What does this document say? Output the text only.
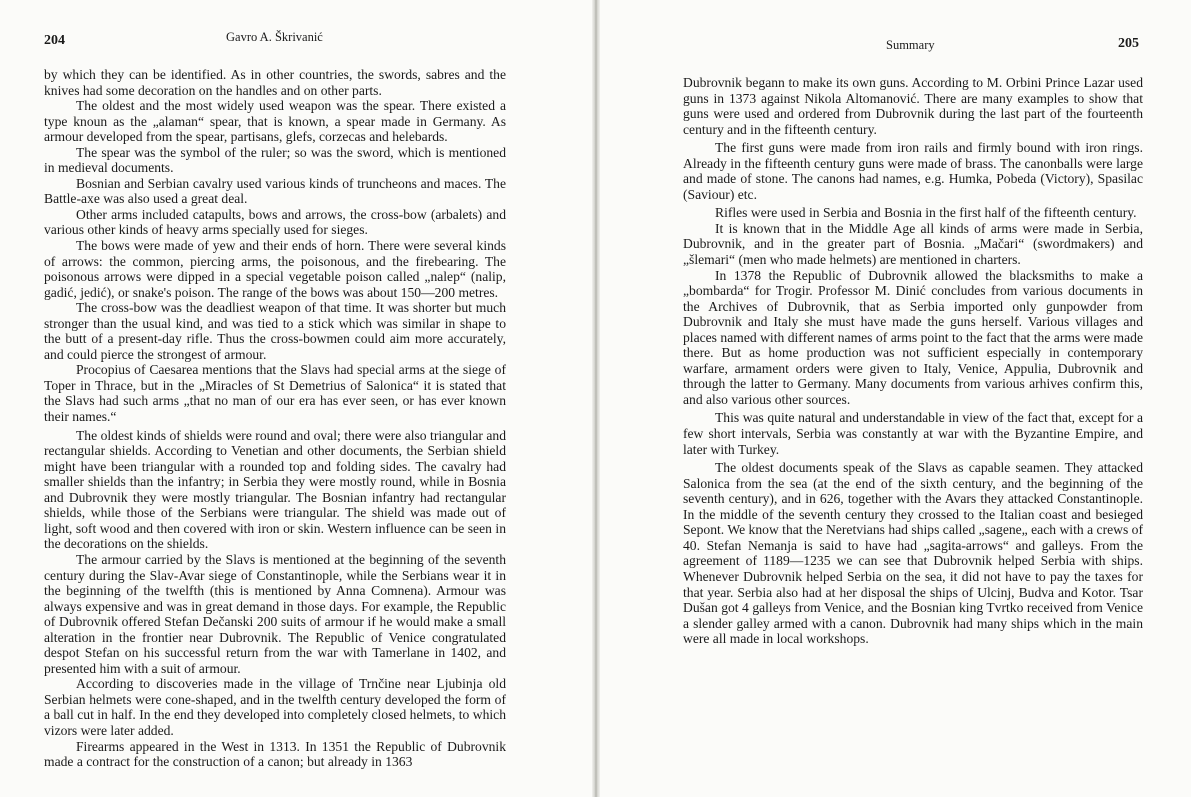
204	Gavro A. Škrivanić

by which they can be identified. As in other countries, the swords, sabres and the knives had some decoration on the handles and on other parts.

The oldest and the most widely used weapon was the spear. There existed a type knoun as the „alaman“ spear, that is known, a spear made in Germany. As armour developed from the spear, partisans, glefs, corzecas and helebards.

The spear was the symbol of the ruler; so was the sword, which is mentioned in medieval documents.

Bosnian and Serbian cavalry used various kinds of truncheons and maces. The Battle-axe was also used a great deal.

Other arms included catapults, bows and arrows, the cross-bow (arbalets) and various other kinds of heavy arms specially used for sieges.

The bows were made of yew and their ends of horn. There were several kinds of arrows: the common, piercing arms, the poisonous, and the firebearing. The poisonous arrows were dipped in a special vegetable poison called „nalep“ (nalip, gadić, jedić), or snake's poison. The range of the bows was about 150—200 metres.

The cross-bow was the deadliest weapon of that time. It was shorter but much stronger than the usual kind, and was tied to a stick which was similar in shape to the butt of a present-day rifle. Thus the cross-bowmen could aim more accurately, and could pierce the strongest of armour.

Procopius of Caesarea mentions that the Slavs had special arms at the siege of Toper in Thrace, but in the „Miracles of St Demetrius of Salonica“ it is stated that the Slavs had such arms „that no man of our era has ever seen, or has ever known their names.“

The oldest kinds of shields were round and oval; there were also triangular and rectangular shields. According to Venetian and other documents, the Serbian shield might have been triangular with a rounded top and folding sides. The cavalry had smaller shields than the infantry; in Serbia they were mostly round, while in Bosnia and Dubrovnik they were mostly triangular. The Bosnian infantry had rectangular shields, while those of the Serbians were triangular. The shield was made out of light, soft wood and then covered with iron or skin. Western influence can be seen in the decorations on the shields.

The armour carried by the Slavs is mentioned at the beginning of the seventh century during the Slav-Avar siege of Constantinople, while the Serbians wear it in the beginning of the twelfth (this is mentioned by Anna Comnena). Armour was always expensive and was in great demand in those days. For example, the Republic of Dubrovnik offered Stefan Dečanski 200 suits of armour if he would make a small alteration in the frontier near Dubrovnik. The Republic of Venice congratulated despot Stefan on his successful return from the war with Tamerlane in 1402, and presented him with a suit of armour.

According to discoveries made in the village of Trnčine near Ljubinja old Serbian helmets were cone-shaped, and in the twelfth century developed the form of a ball cut in half. In the end they developed into completely closed helmets, to which vizors were later added.

Firearms appeared in the West in 1313. In 1351 the Republic of Dubrovnik made a contract for the construction of a canon; but already in 1363

Summary	205

Dubrovnik begann to make its own guns. According to M. Orbini Prince Lazar used guns in 1373 against Nikola Altomanović. There are many examples to show that guns were used and ordered from Dubrovnik during the last part of the fourteenth century and in the fifteenth century.

The first guns were made from iron rails and firmly bound with iron rings. Already in the fifteenth century guns were made of brass. The canonballs were large and made of stone. The canons had names, e.g. Humka, Pobeda (Victory), Spasilac (Saviour) etc.

Rifles were used in Serbia and Bosnia in the first half of the fifteenth century.

It is known that in the Middle Age all kinds of arms were made in Serbia, Dubrovnik, and in the greater part of Bosnia. „Mačari“ (swordmakers) and „šlemari“ (men who made helmets) are mentioned in charters.

In 1378 the Republic of Dubrovnik allowed the blacksmiths to make a „bombarda“ for Trogir. Professor M. Dinić concludes from various documents in the Archives of Dubrovnik, that as Serbia imported only gunpowder from Dubrovnik and Italy she must have made the guns herself. Various villages and places named with different names of arms point to the fact that the arms were made there. But as home production was not sufficient especially in contemporary warfare, armament orders were given to Italy, Venice, Appulia, Dubrovnik and through the latter to Germany. Many documents from various arhives confirm this, and also various other sources.

This was quite natural and understandable in view of the fact that, except for a few short intervals, Serbia was constantly at war with the Byzantine Empire, and later with Turkey.

The oldest documents speak of the Slavs as capable seamen. They attacked Salonica from the sea (at the end of the sixth century, and the beginning of the seventh century), and in 626, together with the Avars they attacked Constantinople. In the middle of the seventh century they crossed to the Italian coast and besieged Sepont. We know that the Neretvians had ships called „sagene„ each with a crews of 40. Stefan Nemanja is said to have had „sagita-arrows“ and galleys. From the agreement of 1189—1235 we can see that Dubrovnik helped Serbia with ships. Whenever Dubrovnik helped Serbia on the sea, it did not have to pay the taxes for that year. Serbia also had at her disposal the ships of Ulcinj, Budva and Kotor. Tsar Dušan got 4 galleys from Venice, and the Bosnian king Tvrtko received from Venice a slender galley armed with a canon. Dubrovnik had many ships which in the main were all made in local workshops.
